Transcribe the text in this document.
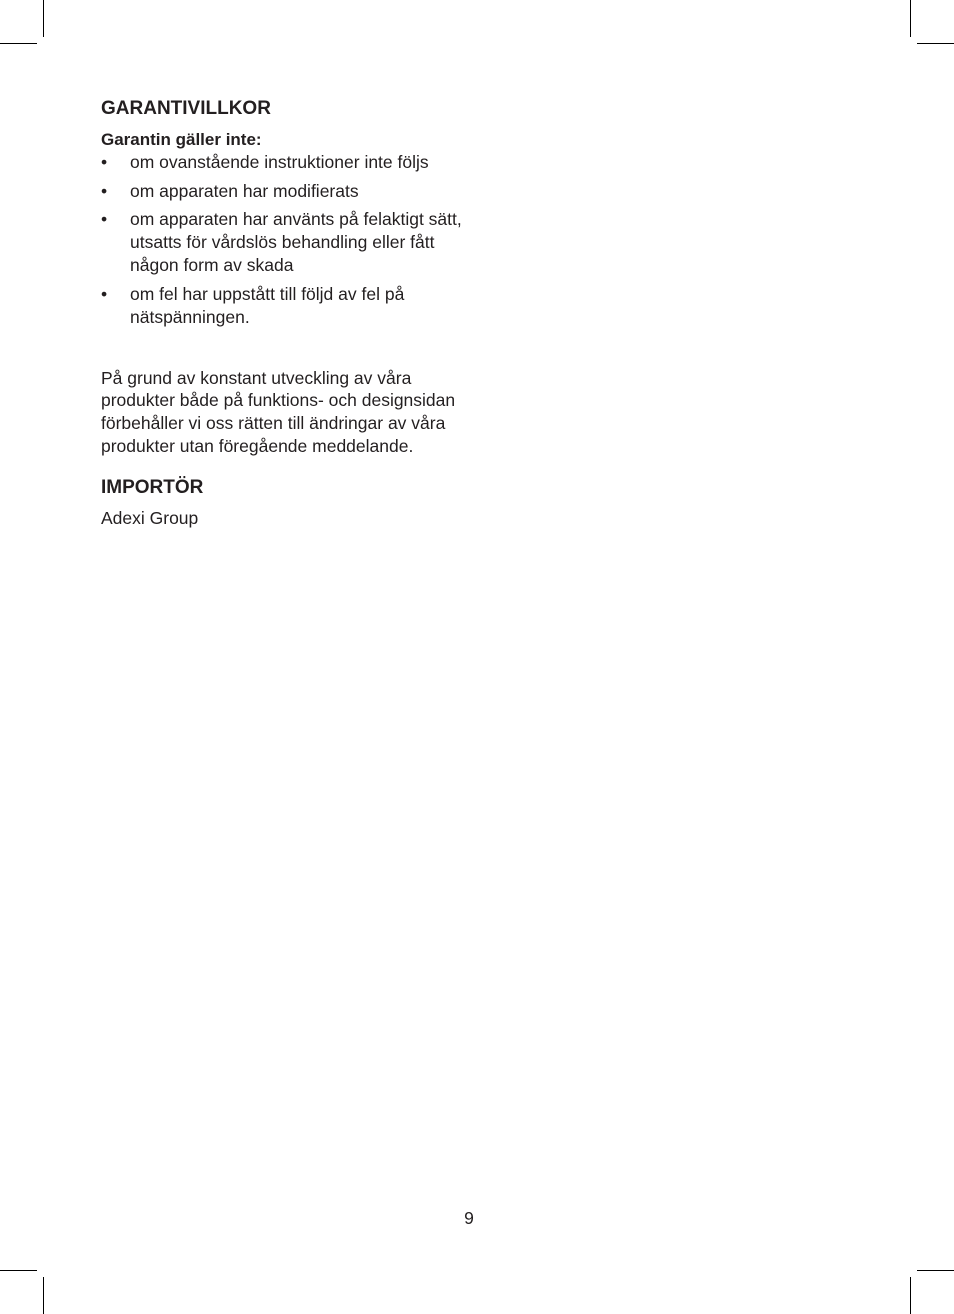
GARANTIVILLKOR
Garantin gäller inte:
• om ovanstående instruktioner inte följs
• om apparaten har modifierats
• om apparaten har använts på felaktigt sätt, utsatts för vårdslös behandling eller fått någon form av skada
• om fel har uppstått till följd av fel på nätspänningen.

På grund av konstant utveckling av våra produkter både på funktions- och designsidan förbehåller vi oss rätten till ändringar av våra produkter utan föregående meddelande.

IMPORTÖR
Adexi Group
9
